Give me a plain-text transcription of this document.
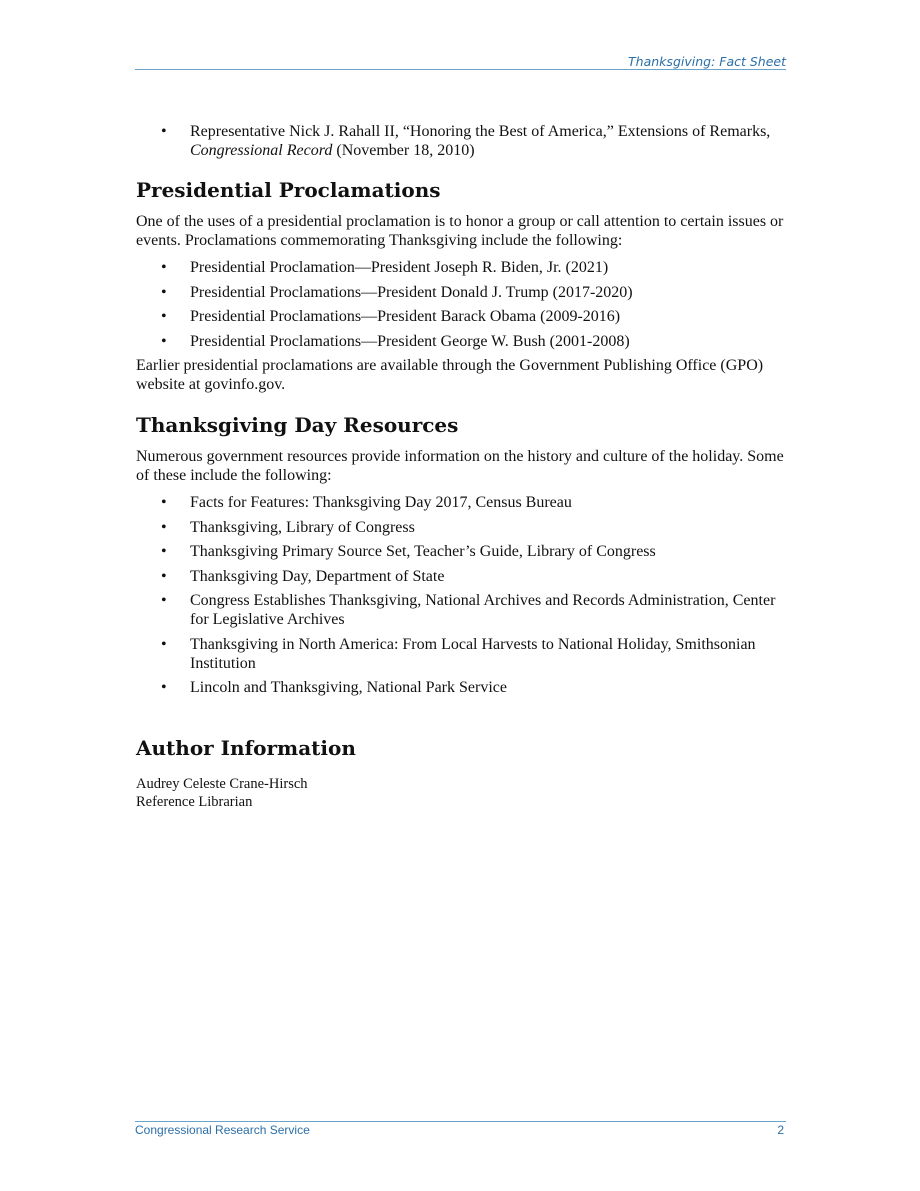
Thanksgiving: Fact Sheet
• Representative Nick J. Rahall II, “Honoring the Best of America,” Extensions of Remarks, Congressional Record (November 18, 2010)
Presidential Proclamations

One of the uses of a presidential proclamation is to honor a group or call attention to certain issues or events. Proclamations commemorating Thanksgiving include the following:

• Presidential Proclamation—President Joseph R. Biden, Jr. (2021)
• Presidential Proclamations—President Donald J. Trump (2017-2020)
• Presidential Proclamations—President Barack Obama (2009-2016)
• Presidential Proclamations—President George W. Bush (2001-2008)

Earlier presidential proclamations are available through the Government Publishing Office (GPO) website at govinfo.gov.

Thanksgiving Day Resources

Numerous government resources provide information on the history and culture of the holiday. Some of these include the following:

• Facts for Features: Thanksgiving Day 2017, Census Bureau
• Thanksgiving, Library of Congress
• Thanksgiving Primary Source Set, Teacher’s Guide, Library of Congress
• Thanksgiving Day, Department of State
• Congress Establishes Thanksgiving, National Archives and Records Administration, Center for Legislative Archives
• Thanksgiving in North America: From Local Harvests to National Holiday, Smithsonian Institution
• Lincoln and Thanksgiving, National Park Service
Author Information
Audrey Celeste Crane-Hirsch
Reference Librarian
Congressional Research Service	2
